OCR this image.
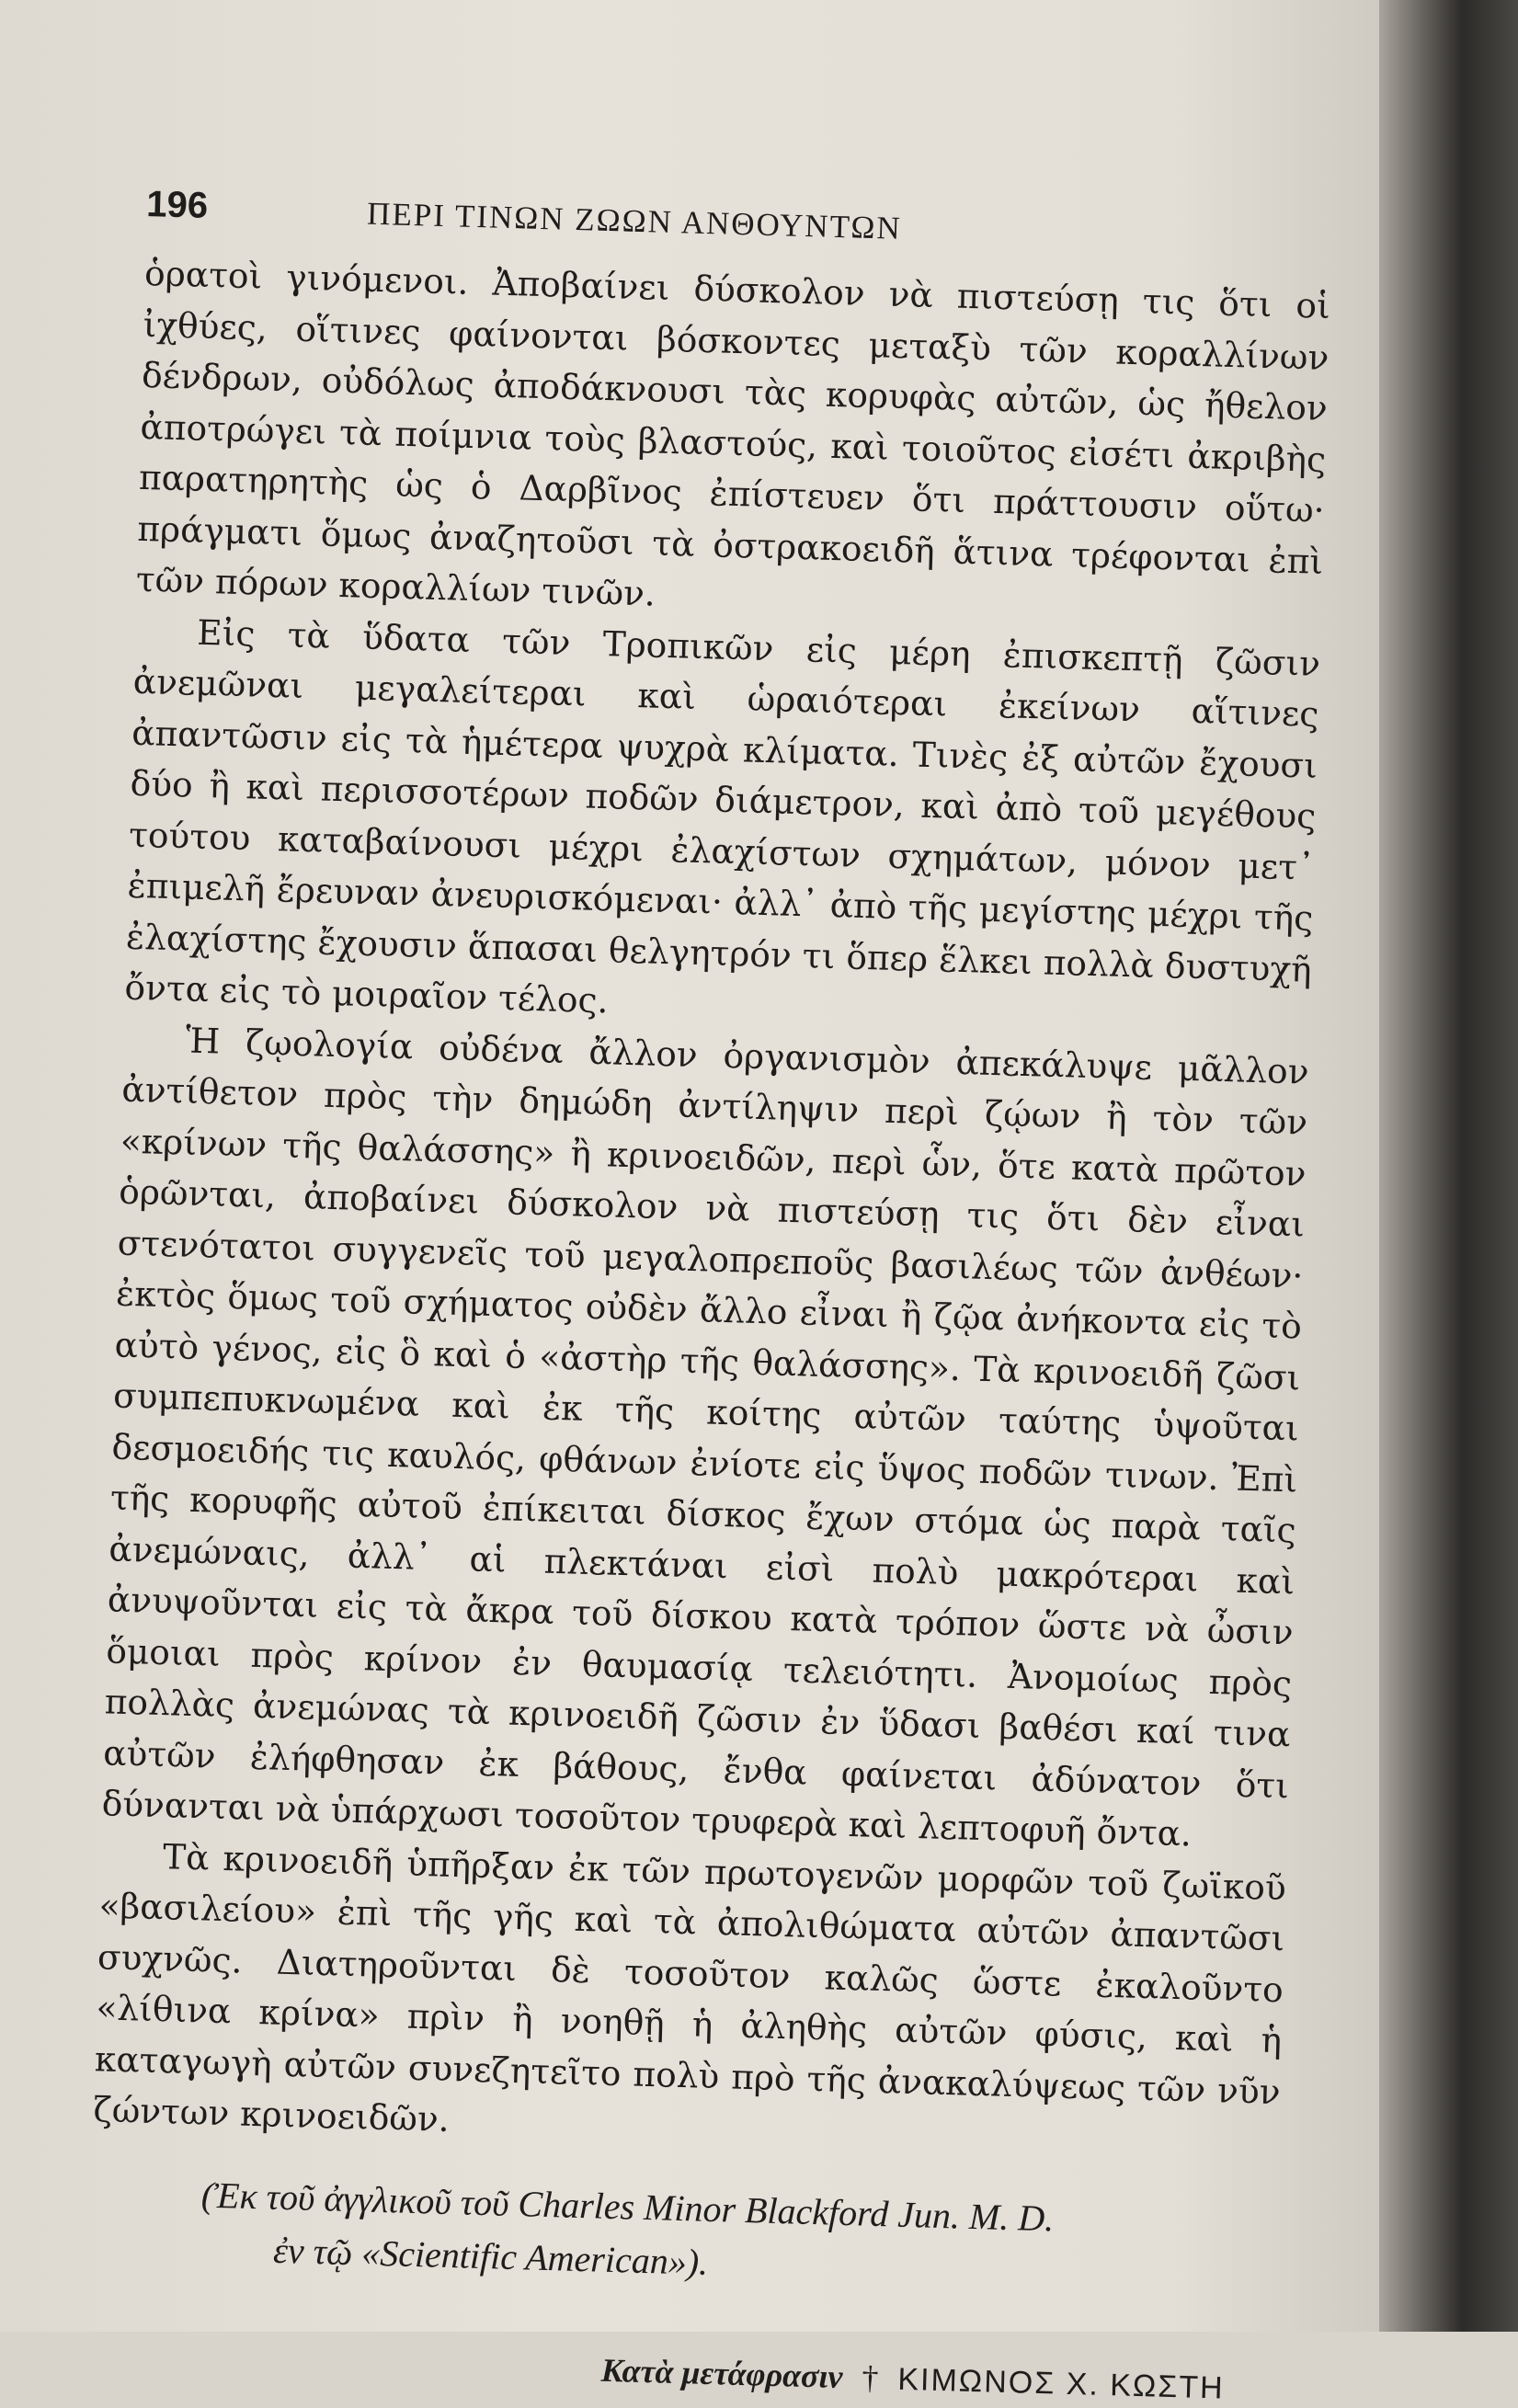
196	ΠΕΡΙ ΤΙΝΩΝ ΖΩΩΝ ΑΝΘΟΥΝΤΩΝ

ὁρατοὶ γινόμενοι. Ἀποβαίνει δύσκολον νὰ πιστεύσῃ τις ὅτι οἱ ἰχθύες, οἵτινες φαίνονται βόσκοντες μεταξὺ τῶν κοραλλίνων δένδρων, οὐδόλως ἀποδάκνουσι τὰς κορυφὰς αὐτῶν, ὡς ἤθελον ἀποτρώγει τὰ ποίμνια τοὺς βλαστούς, καὶ τοιοῦτος εἰσέτι ἀκριβὴς παρατηρητὴς ὡς ὁ Δαρβῖνος ἐπίστευεν ὅτι πράττουσιν οὕτω· πράγματι ὅμως ἀναζητοῦσι τὰ ὀστρακοειδῆ ἅτινα τρέφονται ἐπὶ τῶν πόρων κοραλλίων τινῶν.

Εἰς τὰ ὕδατα τῶν Τροπικῶν εἰς μέρη ἐπισκεπτῇ ζῶσιν ἀνεμῶναι μεγαλείτεραι καὶ ὡραιότεραι ἐκείνων αἵτινες ἀπαντῶσιν εἰς τὰ ἡμέτερα ψυχρὰ κλίματα. Τινὲς ἐξ αὐτῶν ἔχουσι δύο ἢ καὶ περισσοτέρων ποδῶν διάμετρον, καὶ ἀπὸ τοῦ μεγέθους τούτου καταβαίνουσι μέχρι ἐλαχίστων σχημάτων, μόνον μετ᾽ ἐπιμελῆ ἔρευναν ἀνευρισκόμεναι· ἀλλ᾽ ἀπὸ τῆς μεγίστης μέχρι τῆς ἐλαχίστης ἔχουσιν ἅπασαι θελγητρόν τι ὅπερ ἕλκει πολλὰ δυστυχῆ ὄντα εἰς τὸ μοιραῖον τέλος.

Ἡ ζῳολογία οὐδένα ἄλλον ὀργανισμὸν ἀπεκάλυψε μᾶλλον ἀντίθετον πρὸς τὴν δημώδη ἀντίληψιν περὶ ζῴων ἢ τὸν τῶν «κρίνων τῆς θαλάσσης» ἢ κρινοειδῶν, περὶ ὧν, ὅτε κατὰ πρῶτον ὁρῶνται, ἀποβαίνει δύσκολον νὰ πιστεύσῃ τις ὅτι δὲν εἶναι στενότατοι συγγενεῖς τοῦ μεγαλοπρεποῦς βασιλέως τῶν ἀνθέων· ἐκτὸς ὅμως τοῦ σχήματος οὐδὲν ἄλλο εἶναι ἢ ζῷα ἀνήκοντα εἰς τὸ αὐτὸ γένος, εἰς ὃ καὶ ὁ «ἀστὴρ τῆς θαλάσσης». Τὰ κρινοειδῆ ζῶσι συμπεπυκνωμένα καὶ ἐκ τῆς κοίτης αὐτῶν ταύτης ὑψοῦται δεσμοειδής τις καυλός, φθάνων ἐνίοτε εἰς ὕψος ποδῶν τινων. Ἐπὶ τῆς κορυφῆς αὐτοῦ ἐπίκειται δίσκος ἔχων στόμα ὡς παρὰ ταῖς ἀνεμώναις, ἀλλ᾽ αἱ πλεκτάναι εἰσὶ πολὺ μακρότεραι καὶ ἀνυψοῦνται εἰς τὰ ἄκρα τοῦ δίσκου κατὰ τρόπον ὥστε νὰ ὦσιν ὅμοιαι πρὸς κρίνον ἐν θαυμασίᾳ τελειότητι. Ἀνομοίως πρὸς πολλὰς ἀνεμώνας τὰ κρινοειδῆ ζῶσιν ἐν ὕδασι βαθέσι καί τινα αὐτῶν ἐλήφθησαν ἐκ βάθους, ἔνθα φαίνεται ἀδύνατον ὅτι δύνανται νὰ ὑπάρχωσι τοσοῦτον τρυφερὰ καὶ λεπτοφυῆ ὄντα.

Τὰ κρινοειδῆ ὑπῆρξαν ἐκ τῶν πρωτογενῶν μορφῶν τοῦ ζωϊκοῦ «βασιλείου» ἐπὶ τῆς γῆς καὶ τὰ ἀπολιθώματα αὐτῶν ἀπαντῶσι συχνῶς. Διατηροῦνται δὲ τοσοῦτον καλῶς ὥστε ἐκαλοῦντο «λίθινα κρίνα» πρὶν ἢ νοηθῇ ἡ ἀληθὴς αὐτῶν φύσις, καὶ ἡ καταγωγὴ αὐτῶν συνεζητεῖτο πολὺ πρὸ τῆς ἀνακαλύψεως τῶν νῦν ζώντων κρινοειδῶν.

(Ἐκ τοῦ ἀγγλικοῦ τοῦ Charles Minor Blackford Jun. M. D.
ἐν τῷ «Scientific American»).
Κατὰ μετάφρασιν † ΚΙΜΩΝΟΣ Χ. ΚΩΣΤΗ
